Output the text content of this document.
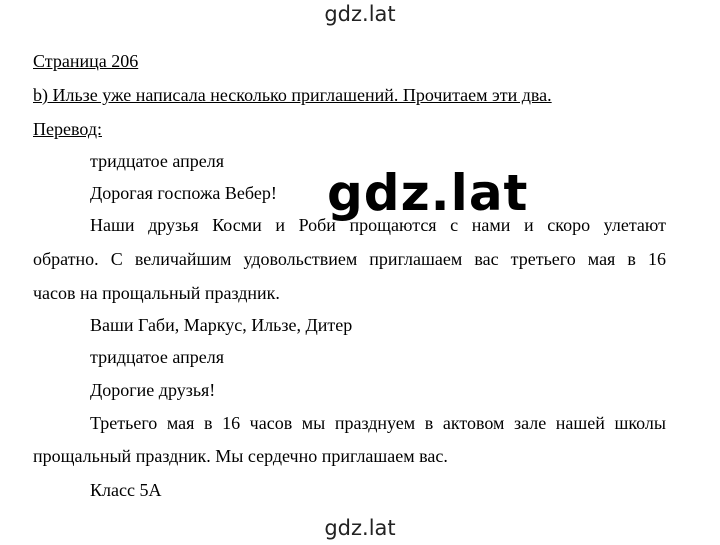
gdz.lat
Страница 206
b) Ильзе уже написала несколько приглашений. Прочитаем эти два.
Перевод:
тридцатое апреля
Дорогая госпожа Вебер!
Наши друзья Косми и Роби прощаются с нами и скоро улетают
обратно. С величайшим удовольствием приглашаем вас третьего мая в 16
часов на прощальный праздник.
Ваши Габи, Маркус, Ильзе, Дитер
тридцатое апреля
Дорогие друзья!
Третьего мая в 16 часов мы празднуем в актовом зале нашей школы
прощальный праздник. Мы сердечно приглашаем вас.
Класс 5А
gdz.lat
gdz.lat
